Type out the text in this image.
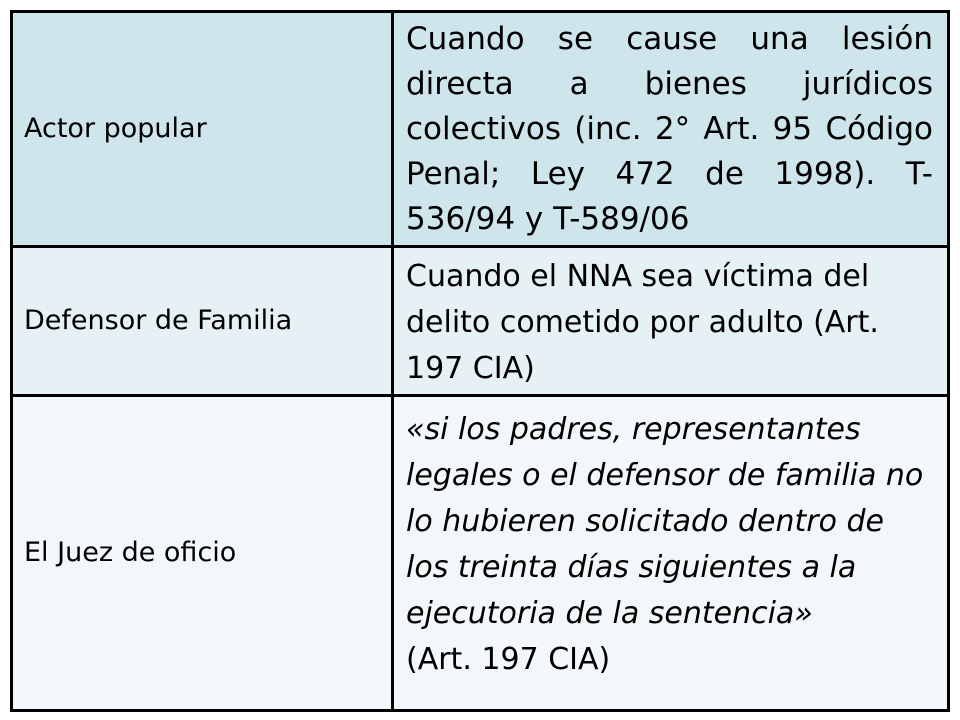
Actor popular
Cuando se cause una lesión directa a bienes jurídicos colectivos (inc. 2° Art. 95 Código Penal; Ley 472 de 1998). T-536/94 y T-589/06
Defensor de Familia
Cuando el NNA sea víctima del delito cometido por adulto (Art. 197 CIA)
El Juez de oficio
«si los padres, representantes legales o el defensor de familia no lo hubieren solicitado dentro de los treinta días siguientes a la ejecutoria de la sentencia»
(Art. 197 CIA)
